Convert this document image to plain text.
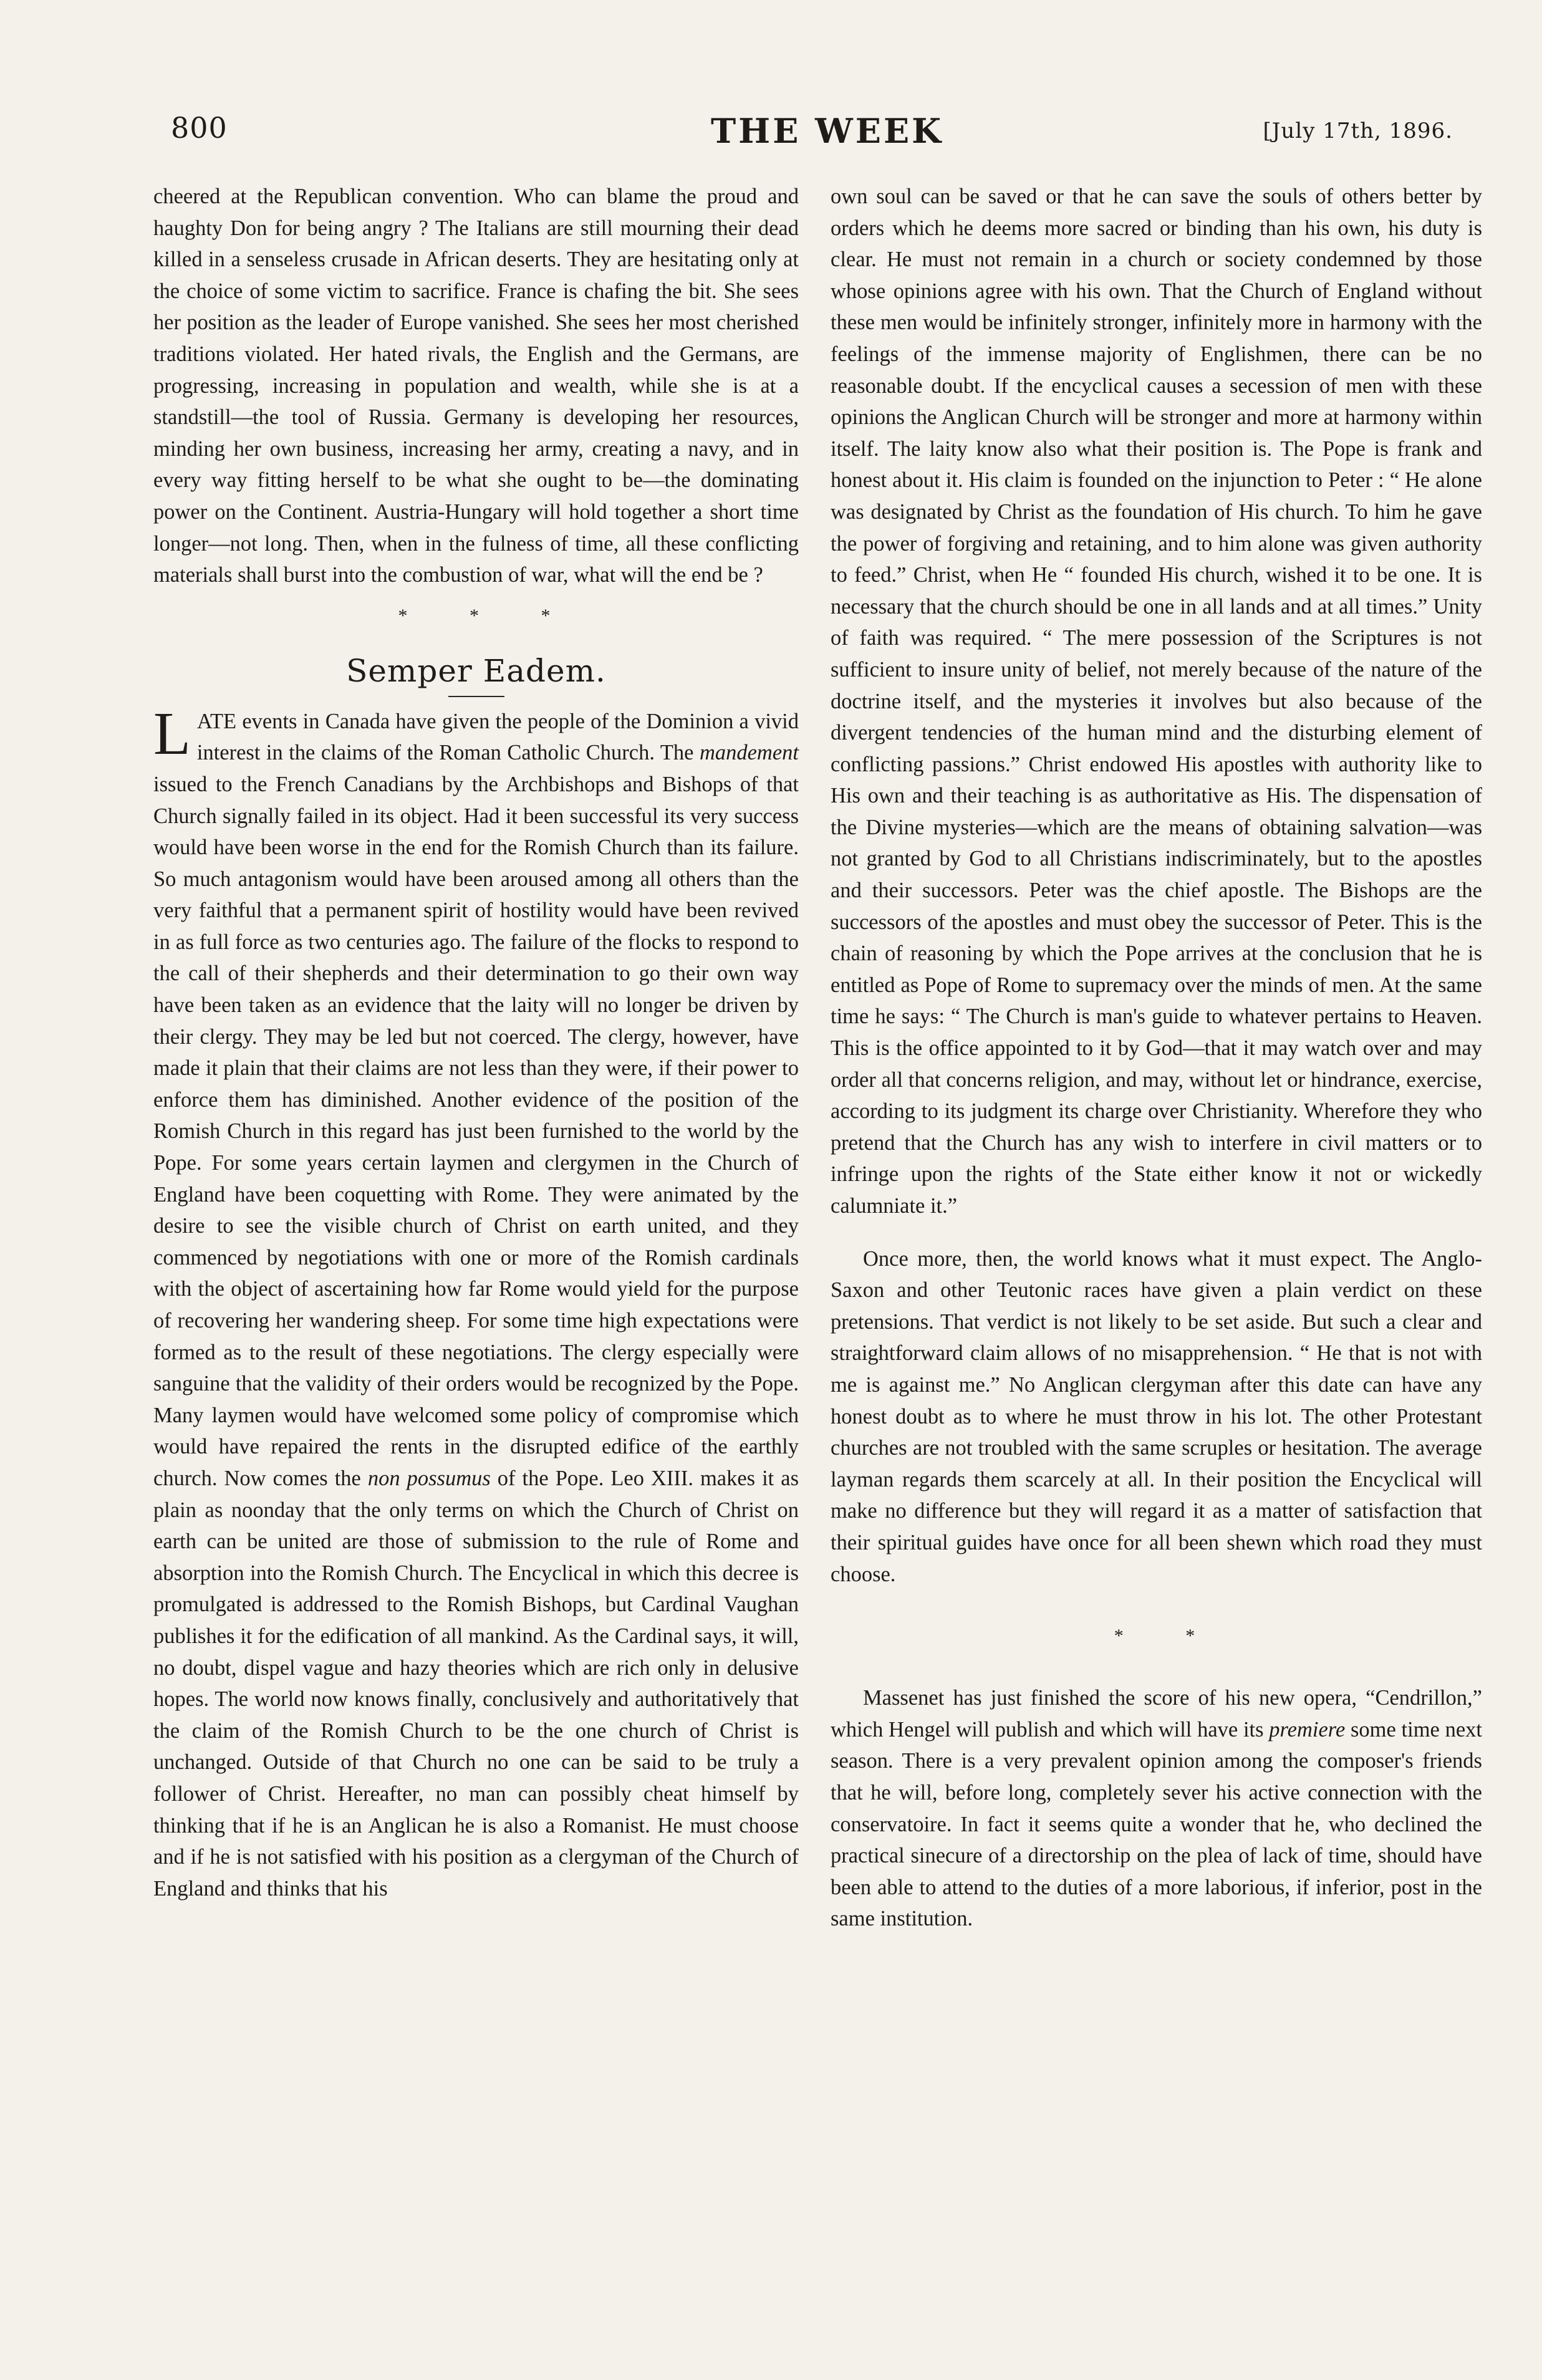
800	THE WEEK	[July 17th, 1896.

cheered at the Republican convention. Who can blame the proud and haughty Don for being angry ? The Italians are still mourning their dead killed in a senseless crusade in African deserts. They are hesitating only at the choice of some victim to sacrifice. France is chafing the bit. She sees her position as the leader of Europe vanished. She sees her most cherished traditions violated. Her hated rivals, the English and the Germans, are progressing, increasing in population and wealth, while she is at a standstill—the tool of Russia. Germany is developing her resources, minding her own business, increasing her army, creating a navy, and in every way fitting herself to be what she ought to be—the dominating power on the Continent. Austria-Hungary will hold together a short time longer—not long. Then, when in the fulness of time, all these conflicting materials shall burst into the combustion of war, what will the end be ?

* * *
Semper Eadem.

LATE events in Canada have given the people of the Dominion a vivid interest in the claims of the Roman Catholic Church. The mandement issued to the French Canadians by the Archbishops and Bishops of that Church signally failed in its object. Had it been successful its very success would have been worse in the end for the Romish Church than its failure. So much antagonism would have been aroused among all others than the very faithful that a permanent spirit of hostility would have been revived in as full force as two centuries ago. The failure of the flocks to respond to the call of their shepherds and their determination to go their own way have been taken as an evidence that the laity will no longer be driven by their clergy. They may be led but not coerced. The clergy, however, have made it plain that their claims are not less than they were, if their power to enforce them has diminished. Another evidence of the position of the Romish Church in this regard has just been furnished to the world by the Pope. For some years certain laymen and clergymen in the Church of England have been coquetting with Rome. They were animated by the desire to see the visible church of Christ on earth united, and they commenced by negotiations with one or more of the Romish cardinals with the object of ascertaining how far Rome would yield for the purpose of recovering her wandering sheep. For some time high expectations were formed as to the result of these negotiations. The clergy especially were sanguine that the validity of their orders would be recognized by the Pope. Many laymen would have welcomed some policy of compromise which would have repaired the rents in the disrupted edifice of the earthly church. Now comes the non possumus of the Pope. Leo XIII. makes it as plain as noonday that the only terms on which the Church of Christ on earth can be united are those of submission to the rule of Rome and absorption into the Romish Church. The Encyclical in which this decree is promulgated is addressed to the Romish Bishops, but Cardinal Vaughan publishes it for the edification of all mankind. As the Cardinal says, it will, no doubt, dispel vague and hazy theories which are rich only in delusive hopes. The world now knows finally, conclusively and authoritatively that the claim of the Romish Church to be the one church of Christ is unchanged. Outside of that Church no one can be said to be truly a follower of Christ. Hereafter, no man can possibly cheat himself by thinking that if he is an Anglican he is also a Romanist. He must choose and if he is not satisfied with his position as a clergyman of the Church of England and thinks that his

own soul can be saved or that he can save the souls of others better by orders which he deems more sacred or binding than his own, his duty is clear. He must not remain in a church or society condemned by those whose opinions agree with his own. That the Church of England without these men would be infinitely stronger, infinitely more in harmony with the feelings of the immense majority of Englishmen, there can be no reasonable doubt. If the encyclical causes a secession of men with these opinions the Anglican Church will be stronger and more at harmony within itself. The laity know also what their position is. The Pope is frank and honest about it. His claim is founded on the injunction to Peter : “ He alone was designated by Christ as the foundation of His church. To him he gave the power of forgiving and retaining, and to him alone was given authority to feed.” Christ, when He “ founded His church, wished it to be one. It is necessary that the church should be one in all lands and at all times.” Unity of faith was required. “ The mere possession of the Scriptures is not sufficient to insure unity of belief, not merely because of the nature of the doctrine itself, and the mysteries it involves but also because of the divergent tendencies of the human mind and the disturbing element of conflicting passions.” Christ endowed His apostles with authority like to His own and their teaching is as authoritative as His. The dispensation of the Divine mysteries—which are the means of obtaining salvation—was not granted by God to all Christians indiscriminately, but to the apostles and their successors. Peter was the chief apostle. The Bishops are the successors of the apostles and must obey the successor of Peter. This is the chain of reasoning by which the Pope arrives at the conclusion that he is entitled as Pope of Rome to supremacy over the minds of men. At the same time he says: “ The Church is man's guide to whatever pertains to Heaven. This is the office appointed to it by God—that it may watch over and may order all that concerns religion, and may, without let or hindrance, exercise, according to its judgment its charge over Christianity. Wherefore they who pretend that the Church has any wish to interfere in civil matters or to infringe upon the rights of the State either know it not or wickedly calumniate it.”

Once more, then, the world knows what it must expect. The Anglo-Saxon and other Teutonic races have given a plain verdict on these pretensions. That verdict is not likely to be set aside. But such a clear and straightforward claim allows of no misapprehension. “ He that is not with me is against me.” No Anglican clergyman after this date can have any honest doubt as to where he must throw in his lot. The other Protestant churches are not troubled with the same scruples or hesitation. The average layman regards them scarcely at all. In their position the Encyclical will make no difference but they will regard it as a matter of satisfaction that their spiritual guides have once for all been shewn which road they must choose.

* *

Massenet has just finished the score of his new opera, “Cendrillon,” which Hengel will publish and which will have its premiere some time next season. There is a very prevalent opinion among the composer's friends that he will, before long, completely sever his active connection with the conservatoire. In fact it seems quite a wonder that he, who declined the practical sinecure of a directorship on the plea of lack of time, should have been able to attend to the duties of a more laborious, if inferior, post in the same institution.
